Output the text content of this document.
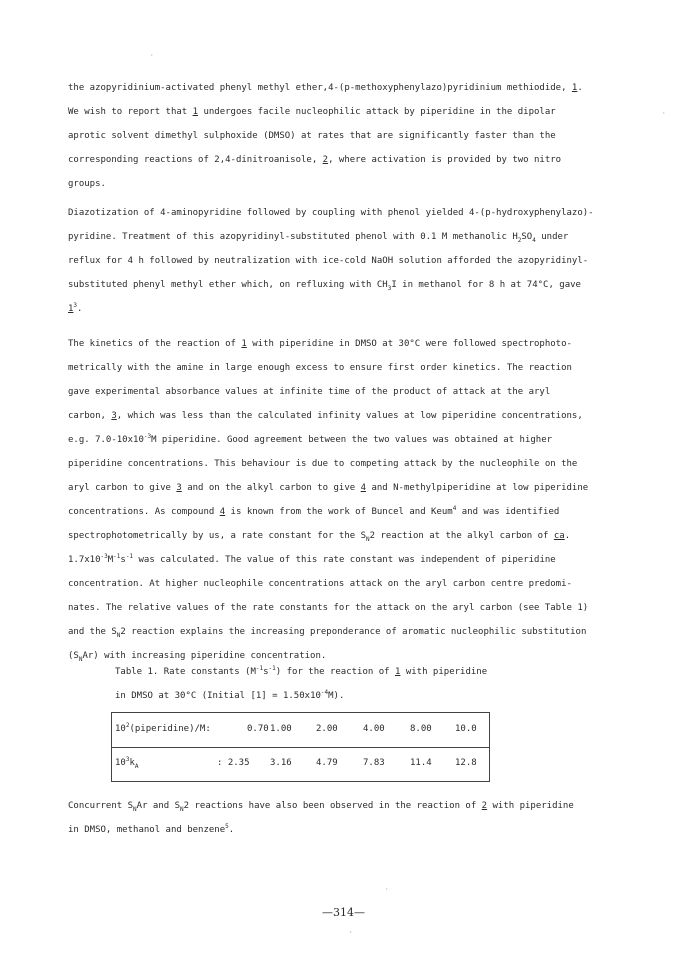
the azopyridinium-activated phenyl methyl ether,4-(p-methoxyphenylazo)pyridinium methiodide, 1.
We wish to report that 1 undergoes facile nucleophilic attack by piperidine in the dipolar
aprotic solvent dimethyl sulphoxide (DMSO) at rates that are significantly faster than the
corresponding reactions of 2,4-dinitroanisole, 2, where activation is provided by two nitro
groups.

Diazotization of 4-aminopyridine followed by coupling with phenol yielded 4-(p-hydroxyphenylazo)-
pyridine. Treatment of this azopyridinyl-substituted phenol with 0.1 M methanolic $H_2SO_4$ under
reflux for 4 h followed by neutralization with ice-cold NaOH solution afforded the azopyridinyl-
substituted phenyl methyl ether which, on refluxing with $CH_3I$ in methanol for 8 h at 74°C, gave
$1^3$.

The kinetics of the reaction of 1 with piperidine in DMSO at 30°C were followed spectrophoto-
metrically with the amine in large enough excess to ensure first order kinetics. The reaction
gave experimental absorbance values at infinite time of the product of attack at the aryl
carbon, 3, which was less than the calculated infinity values at low piperidine concentrations,
e.g. $7.0-10x10^{-3}M$ piperidine. Good agreement between the two values was obtained at higher
piperidine concentrations. This behaviour is due to competing attack by the nucleophile on the
aryl carbon to give 3 and on the alkyl carbon to give 4 and N-methylpiperidine at low piperidine
concentrations. As compound 4 is known from the work of Buncel and Keum$^4$ and was identified
spectrophotometrically by us, a rate constant for the $S_N2$ reaction at the alkyl carbon of ca.
$1.7x10^{-3}M^{-1}s^{-1}$ was calculated. The value of this rate constant was independent of piperidine
concentration. At higher nucleophile concentrations attack on the aryl carbon centre predomi-
nates. The relative values of the rate constants for the attack on the aryl carbon (see Table 1)
and the $S_N2$ reaction explains the increasing preponderance of aromatic nucleophilic substitution
$(S_NAr)$ with increasing piperidine concentration.

Table 1. Rate constants $(M^{-1}s^{-1})$ for the reaction of 1 with piperidine
in DMSO at 30°C (Initial $[1] = 1.50x10^{-4}M$).
$10^2(piperidine)/M$:	0.70 1.00	2.00	4.00	8.00	10.0
$10^3k_A$	: 2.35 3.16	4.79	7.83	11.4	12.8

Concurrent $S_NAr$ and $S_N2$ reactions have also been observed in the reaction of 2 with piperidine
in DMSO, methanol and benzene$^5$.

—314—
·
·
·
·
